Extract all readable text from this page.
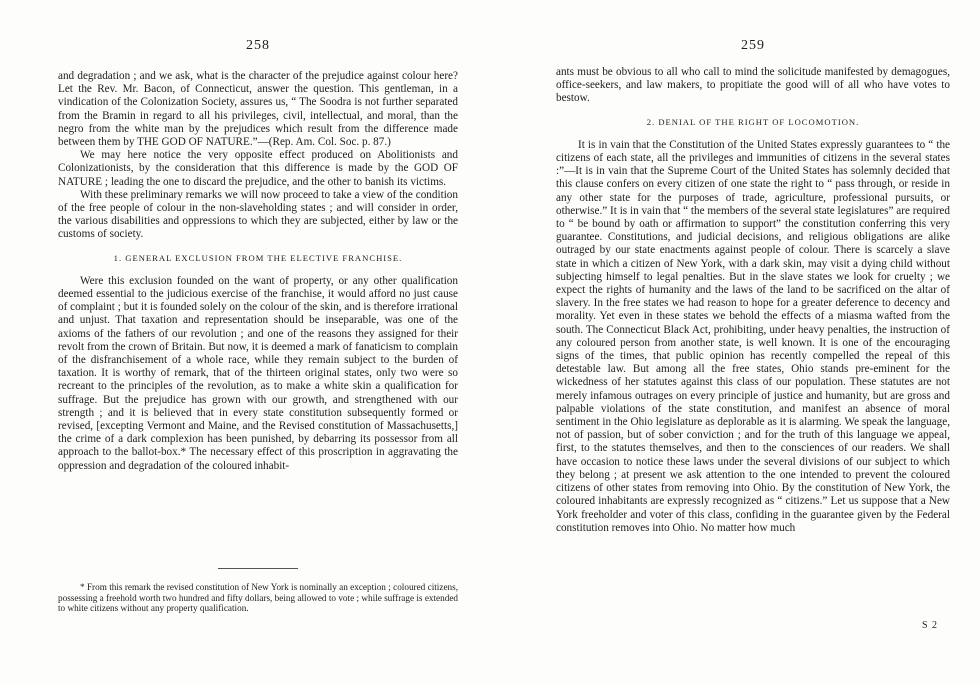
258

and degradation ; and we ask, what is the character of the prejudice against colour here? Let the Rev. Mr. Bacon, of Connecticut, answer the question. This gentleman, in a vindication of the Colonization Society, assures us, “ The Soodra is not further separated from the Bramin in regard to all his privileges, civil, intellectual, and moral, than the negro from the white man by the prejudices which result from the difference made between them by THE GOD OF NATURE.”—(Rep. Am. Col. Soc. p. 87.)

We may here notice the very opposite effect produced on Abolitionists and Colonizationists, by the consideration that this difference is made by the GOD OF NATURE ; leading the one to discard the prejudice, and the other to banish its victims.

With these preliminary remarks we will now proceed to take a view of the condition of the free people of colour in the non-slaveholding states ; and will consider in order, the various disabilities and oppressions to which they are subjected, either by law or the customs of society.

1. GENERAL EXCLUSION FROM THE ELECTIVE FRANCHISE.

Were this exclusion founded on the want of property, or any other qualification deemed essential to the judicious exercise of the franchise, it would afford no just cause of complaint ; but it is founded solely on the colour of the skin, and is therefore irrational and unjust. That taxation and representation should be inseparable, was one of the axioms of the fathers of our revolution ; and one of the reasons they assigned for their revolt from the crown of Britain. But now, it is deemed a mark of fanaticism to complain of the disfranchisement of a whole race, while they remain subject to the burden of taxation. It is worthy of remark, that of the thirteen original states, only two were so recreant to the principles of the revolution, as to make a white skin a qualification for suffrage. But the prejudice has grown with our growth, and strengthened with our strength ; and it is believed that in every state constitution subsequently formed or revised, [excepting Vermont and Maine, and the Revised constitution of Massachusetts,] the crime of a dark complexion has been punished, by debarring its possessor from all approach to the ballot-box.* The necessary effect of this proscription in aggravating the oppression and degradation of the coloured inhabit-

* From this remark the revised constitution of New York is nominally an exception ; coloured citizens, possessing a freehold worth two hundred and fifty dollars, being allowed to vote ; while suffrage is extended to white citizens without any property qualification.
259

ants must be obvious to all who call to mind the solicitude manifested by demagogues, office-seekers, and law makers, to propitiate the good will of all who have votes to bestow.

2. DENIAL OF THE RIGHT OF LOCOMOTION.

It is in vain that the Constitution of the United States expressly guarantees to “ the citizens of each state, all the privileges and immunities of citizens in the several states :”—It is in vain that the Supreme Court of the United States has solemnly decided that this clause confers on every citizen of one state the right to “ pass through, or reside in any other state for the purposes of trade, agriculture, professional pursuits, or otherwise.” It is in vain that “ the members of the several state legislatures” are required to “ be bound by oath or affirmation to support” the constitution conferring this very guarantee. Constitutions, and judicial decisions, and religious obligations are alike outraged by our state enactments against people of colour. There is scarcely a slave state in which a citizen of New York, with a dark skin, may visit a dying child without subjecting himself to legal penalties. But in the slave states we look for cruelty ; we expect the rights of humanity and the laws of the land to be sacrificed on the altar of slavery. In the free states we had reason to hope for a greater deference to decency and morality. Yet even in these states we behold the effects of a miasma wafted from the south. The Connecticut Black Act, prohibiting, under heavy penalties, the instruction of any coloured person from another state, is well known. It is one of the encouraging signs of the times, that public opinion has recently compelled the repeal of this detestable law. But among all the free states, Ohio stands pre-eminent for the wickedness of her statutes against this class of our population. These statutes are not merely infamous outrages on every principle of justice and humanity, but are gross and palpable violations of the state constitution, and manifest an absence of moral sentiment in the Ohio legislature as deplorable as it is alarming. We speak the language, not of passion, but of sober conviction ; and for the truth of this language we appeal, first, to the statutes themselves, and then to the consciences of our readers. We shall have occasion to notice these laws under the several divisions of our subject to which they belong ; at present we ask attention to the one intended to prevent the coloured citizens of other states from removing into Ohio. By the constitution of New York, the coloured inhabitants are expressly recognized as “ citizens.” Let us suppose that a New York freeholder and voter of this class, confiding in the guarantee given by the Federal constitution removes into Ohio. No matter how much

S 2
